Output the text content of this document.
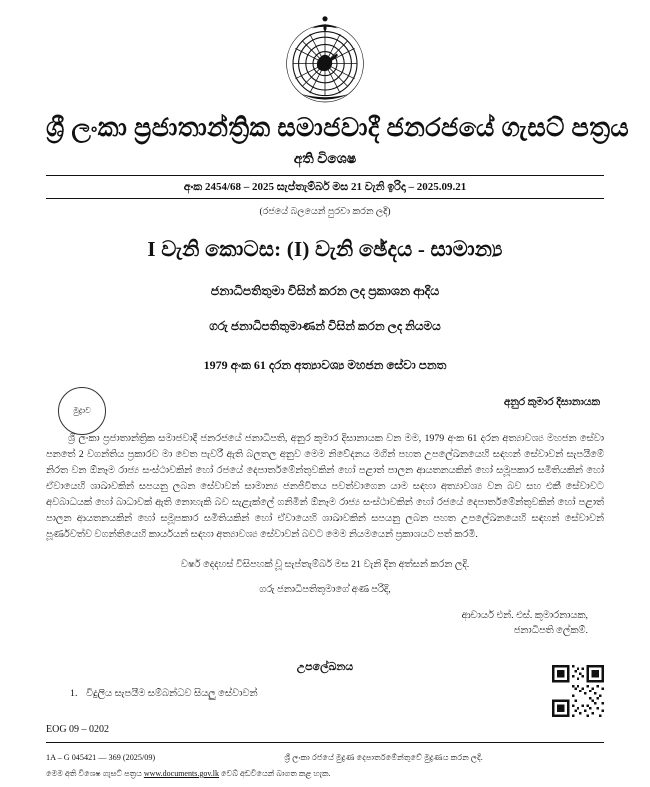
ශ්‍රී ලංකා ප්‍රජාතාන්ත්‍රික සමාජවාදී ජනරජයේ ගැසට් පත්‍රය
අති විශෙෂ
අංක 2454/68 – 2025 සැප්තැම්බර් මස 21 වැනි ඉරිදා – 2025.09.21
(රජයේ බලයෙන් පුරවා කරන ලදි)
I වැනි කොටස: (I) වැනි ඡේදය - සාමාන්‍ය
ජනාධිපතිතුමා විසින් කරන ලද ප්‍රකාශන ආදිය
ගරු ජනාධිපතිතුමාණන් විසින් කරන ලද නියමය
1979 අංක 61 දරන අත්‍යාවශ්‍ය මහජන සේවා පනත
මුද්‍රාව
අනුර කුමාර දිසානායක
ශ්‍රී ලංකා ප්‍රජාතාන්ත්‍රික සමාජවාදී ජනරජයේ ජනාධිපති, අනුර කුමාර දිසානායක වන මම, 1979 අංක 61 දරන අත්‍යාවශ්‍ය මහජන සේවා පනතේ 2 වගන්තිය ප්‍රකාරව මා වෙත පැවරී ඇති බලතල අනුව මෙම නිවේදනය මගින් පහත උපලේඛනයෙහි සඳහන් සේවාවන් සැපයීමේ නිරත වන ඕනෑම රාජ්‍ය සංස්ථාවකින් හෝ රජයේ දෙපාර්තමේන්තුවකින් හෝ පළාත් පාලන ආයතනයකින් හෝ සමූපකාර සමිතියකින් හෝ ඒවායෙහි ශාඛාවකින් සපයනු ලබන සේවාවන් සාමාන්‍ය ජනජීවිතය පවත්වාගෙන යාම සඳහා අත්‍යාවශ්‍ය වන බව සහ එකී සේවාවට අවබාධයක් හෝ බාධාවක් ඇති නොහැකි බව සැළැක්ලේ ගනිමින් ඕනෑම රාජ්‍ය සංස්ථාවකින් හෝ රජයේ දෙපාර්තමේන්තුවකින් හෝ පළාත් පාලන ආයතනයකින් හෝ සමූපකාර සමිතියකින් හෝ ඒවායෙහි ශාඛාවකින් සපයනු ලබන පහත උපලේඛනයෙහි සඳහන් සේවාවන් පූර්ණවත්ව වගන්තියෙහි කාර්යයන් සඳහා අත්‍යාවශ්‍ය සේවාවන් බවට මෙම නියමයෙන් ප්‍රකාශයට පත් කරමි.
වර්ෂ දෙදහස් විසිපහක් වූ සැප්තැම්බර් මස 21 වැනි දින අත්සන් කරන ලදි.
ගරු ජනාධිපතිතුමාගේ අණ පරිදි,
ආචාර්ය එන්. එස්. කුමාරනායක,
ජනාධිපති ලේකම්.
උපලේඛනය
1. විදුලිය සැපයීම සම්බන්ධව සියලු සේවාවන්
EOG 09 – 0202
1A – G 045421 — 369 (2025/09)	ශ්‍රී ලංකා රජයේ මුද්‍රණ දෙපාර්තමේන්තුවේ මුද්‍රණය කරන ලදි.
මෙම අති විශෙෂ ගැසට් පත්‍රය www.documents.gov.lk වෙබ් අඩවියෙන් බාගත කළ හැක.
